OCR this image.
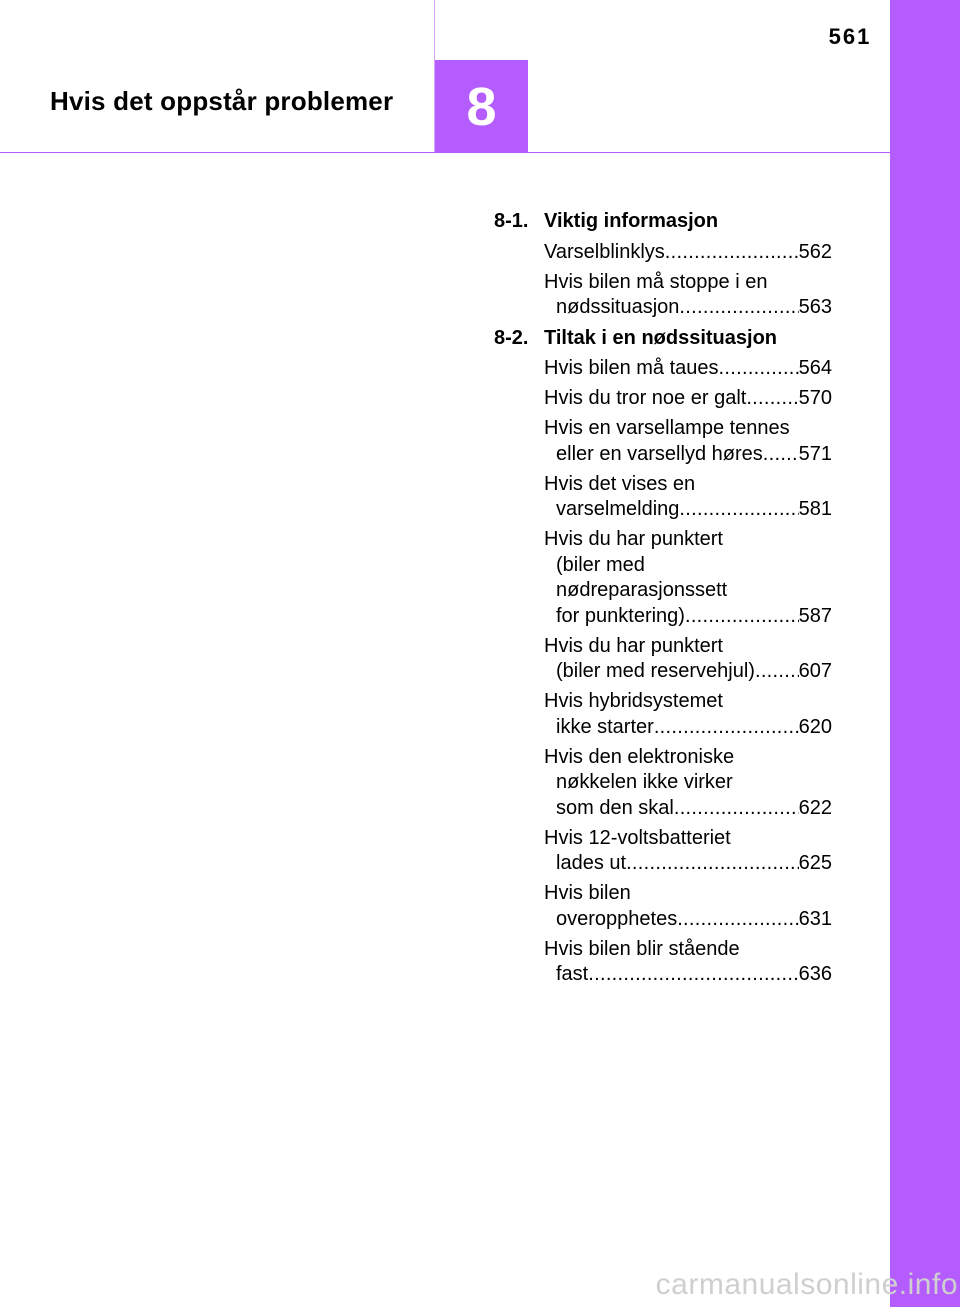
561
Hvis det oppstår problemer 8
8-1. Viktig informasjon
Varselblinklys .....	562
Hvis bilen må stoppe i en
nødssituasjon .....	563
8-2. Tiltak i en nødssituasjon
Hvis bilen må taues .....	564
Hvis du tror noe er galt .....	570
Hvis en varsellampe tennes
eller en varsellyd høres ..... 571
Hvis det vises en
varselmelding .....	581
Hvis du har punktert
(biler med
nødreparasjonssett
for punktering) .....	587
Hvis du har punktert
(biler med reservehjul) ..... 607
Hvis hybridsystemet
ikke starter .....	620
Hvis den elektroniske
nøkkelen ikke virker
som den skal .....	622
Hvis 12-voltsbatteriet
lades ut .....	625
Hvis bilen
overopphetes .....	631
Hvis bilen blir stående
fast .....	636
carmanualsonline.info
